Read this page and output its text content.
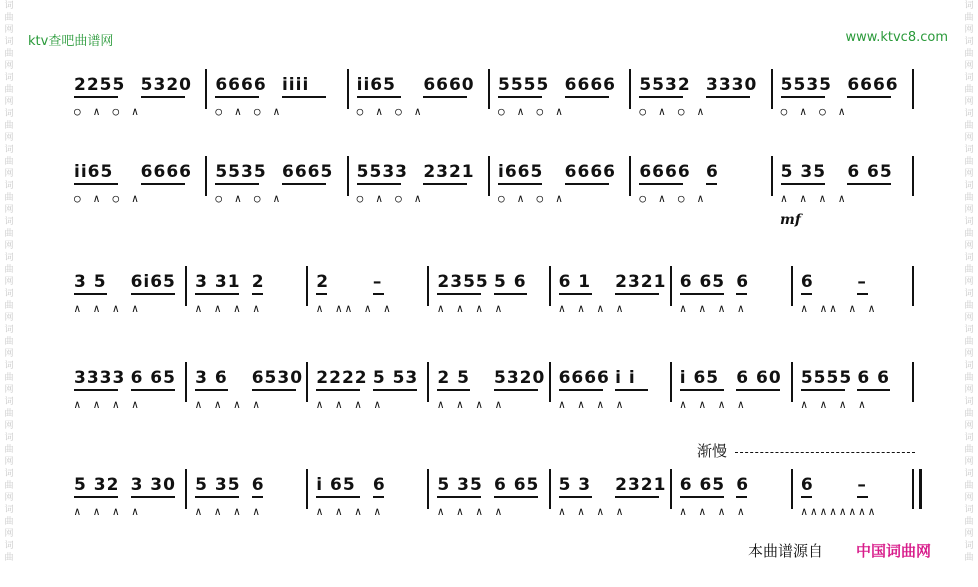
词
曲
网
词
曲
网
词
曲
网
词
曲
网
词
曲
网
词
曲
网
词
曲
网
词
曲
网
词
曲
网
词
曲
网
词
曲
网
词
曲
网
词
曲
网
词
曲
网
词
曲
网
词
曲
词
曲
网
词
曲
网
词
曲
网
词
曲
网
词
曲
网
词
曲
网
词
曲
网
词
曲
网
词
曲
网
词
曲
网
词
曲
网
词
曲
网
词
曲
网
词
曲
网
词
曲
网
词
曲
ktv查吧曲谱网	www.ktvc8.com
2255 5320
○ ∧ ○ ∧
6666 iiii
○ ∧ ○ ∧
ii65 6660
○ ∧ ○ ∧
5555 6666
○ ∧ ○ ∧
5532 3330
○ ∧ ○ ∧
5535 6666
○ ∧ ○ ∧
ii65 6666
○ ∧ ○ ∧
5535 6665
○ ∧ ○ ∧
5533 2321
○ ∧ ○ ∧
i665 6666
○ ∧ ○ ∧
6666 6
○ ∧ ○ ∧
5 35 6 65
∧ ∧ ∧ ∧
mf
3 5 6i65
∧ ∧ ∧ ∧
3 31 2
∧ ∧ ∧ ∧
2	–
∧ ∧∧ ∧ ∧
2355 5 6
∧ ∧ ∧ ∧
6 1 2321
∧ ∧ ∧ ∧
6 65 6
∧ ∧ ∧ ∧
6	–
∧ ∧∧ ∧ ∧
3333 6 65
∧ ∧ ∧ ∧
3 6 6530
∧ ∧ ∧ ∧
2222 5 53
∧ ∧ ∧ ∧
2 5 5320
∧ ∧ ∧ ∧
6666 i i
∧ ∧ ∧ ∧
i 65 6 60
∧ ∧ ∧ ∧
5555 6 6
∧ ∧ ∧ ∧
5 32 3 30
∧ ∧ ∧ ∧
5 35 6
∧ ∧ ∧ ∧
i 65 6
∧ ∧ ∧ ∧
5 35 6 65
∧ ∧ ∧ ∧
5 3 2321
∧ ∧ ∧ ∧
6 65 6
∧ ∧ ∧ ∧
6	–
∧∧∧∧∧∧∧∧
渐慢
本曲谱源自 中国词曲网
